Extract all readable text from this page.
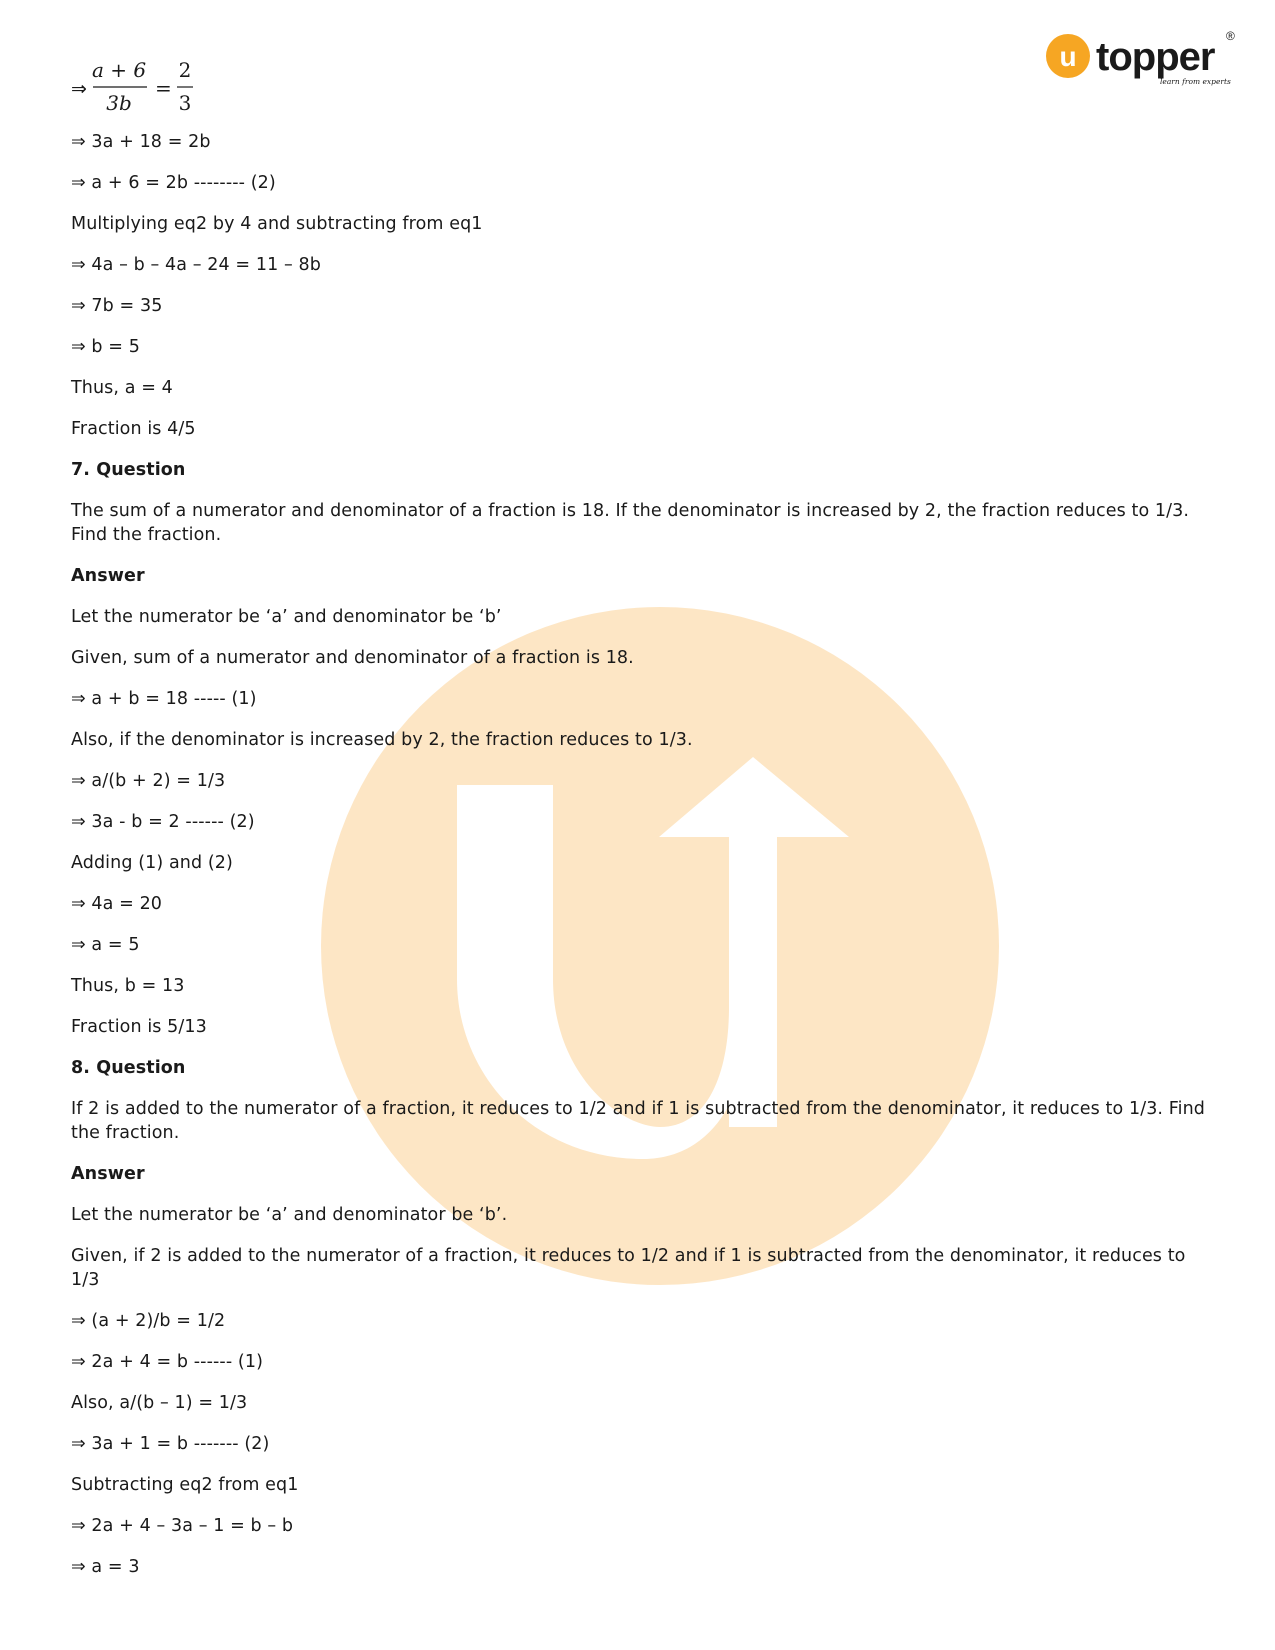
u topper ®
learn from experts
⇒
a + 6
3b
=
2
3

⇒ 3a + 18 = 2b

⇒ a + 6 = 2b -------- (2)

Multiplying eq2 by 4 and subtracting from eq1

⇒ 4a – b – 4a – 24 = 11 – 8b

⇒ 7b = 35

⇒ b = 5

Thus, a = 4

Fraction is 4/5

7. Question

The sum of a numerator and denominator of a fraction is 18. If the denominator is increased by 2, the fraction reduces to 1/3. Find the fraction.

Answer

Let the numerator be ‘a’ and denominator be ‘b’

Given, sum of a numerator and denominator of a fraction is 18.

⇒ a + b = 18 ----- (1)

Also, if the denominator is increased by 2, the fraction reduces to 1/3.

⇒ a/(b + 2) = 1/3

⇒ 3a - b = 2 ------ (2)

Adding (1) and (2)

⇒ 4a = 20

⇒ a = 5

Thus, b = 13

Fraction is 5/13

8. Question

If 2 is added to the numerator of a fraction, it reduces to 1/2 and if 1 is subtracted from the denominator, it reduces to 1/3. Find the fraction.

Answer

Let the numerator be ‘a’ and denominator be ‘b’.

Given, if 2 is added to the numerator of a fraction, it reduces to 1/2 and if 1 is subtracted from the denominator, it reduces to 1/3

⇒ (a + 2)/b = 1/2

⇒ 2a + 4 = b ------ (1)

Also, a/(b – 1) = 1/3

⇒ 3a + 1 = b ------- (2)

Subtracting eq2 from eq1

⇒ 2a + 4 – 3a – 1 = b – b

⇒ a = 3
